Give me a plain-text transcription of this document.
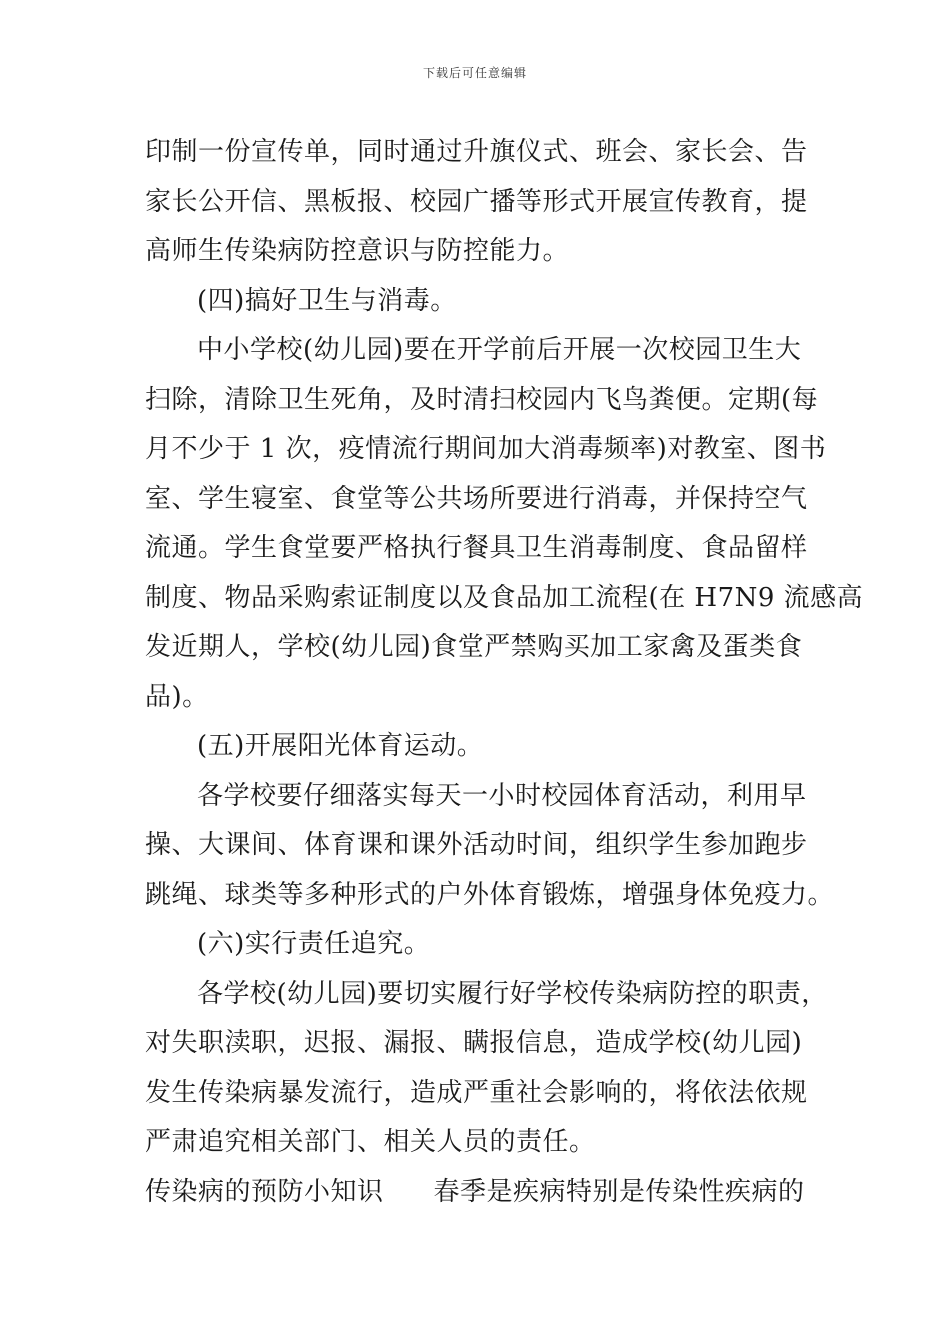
下载后可任意编辑
印制一份宣传单，同时通过升旗仪式、班会、家长会、告
家长公开信、黑板报、校园广播等形式开展宣传教育，提
高师生传染病防控意识与防控能力。
(四)搞好卫生与消毒。
中小学校(幼儿园)要在开学前后开展一次校园卫生大
扫除，清除卫生死角，及时清扫校园内飞鸟粪便。定期(每
月不少于 1 次，疫情流行期间加大消毒频率)对教室、图书
室、学生寝室、食堂等公共场所要进行消毒，并保持空气
流通。学生食堂要严格执行餐具卫生消毒制度、食品留样
制度、物品采购索证制度以及食品加工流程(在 H7N9 流感高
发近期人，学校(幼儿园)食堂严禁购买加工家禽及蛋类食
品)。
(五)开展阳光体育运动。
各学校要仔细落实每天一小时校园体育活动，利用早
操、大课间、体育课和课外活动时间，组织学生参加跑步
跳绳、球类等多种形式的户外体育锻炼，增强身体免疫力。
(六)实行责任追究。
各学校(幼儿园)要切实履行好学校传染病防控的职责，
对失职渎职，迟报、漏报、瞒报信息，造成学校(幼儿园)
发生传染病暴发流行，造成严重社会影响的，将依法依规
严肃追究相关部门、相关人员的责任。
传染病的预防小知识 春季是疾病特别是传染性疾病的
